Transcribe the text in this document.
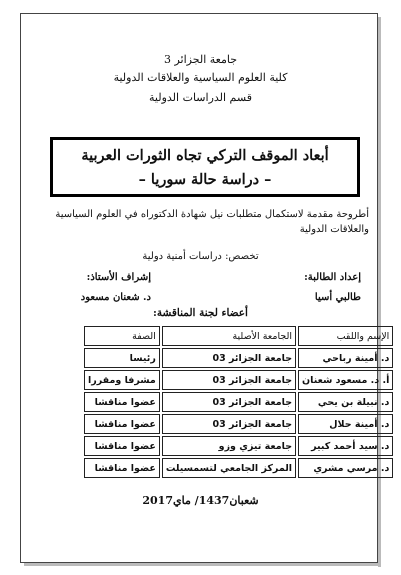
جامعة الجزائر 3
كلية العلوم السياسية والعلاقات الدولية
قسم الدراسات الدولية
أبعاد الموقف التركي تجاه الثورات العربية
– دراسة حالة سوريا –
أطروحة مقدمة لاستكمال متطلبات نيل شهادة الدكتوراه في العلوم السياسية والعلاقات الدولية
تخصص: دراسات أمنية دولية
إعداد الطالبة:
طالبي أسيا
إشراف الأستاذ:
د. شعنان مسعود
أعضاء لجنة المناقشة:
الإسم واللقب	الجامعة الأصلية	الصفة
د. أمينة رباحي	جامعة الجزائر 03	رئيسا
أ. د. مسعود شعنان	جامعة الجزائر 03	مشرفا ومقررا
د. نبيلة بن يحي	جامعة الجزائر 03	عضوا مناقشا
د. أمينة حلال	جامعة الجزائر 03	عضوا مناقشا
د. سيد أحمد كبير	جامعة تيزي وزو	عضوا مناقشا
د. مرسي مشري	المركز الجامعي لتسمسيلت	عضوا مناقشا
شعبان1437/ ماي2017
